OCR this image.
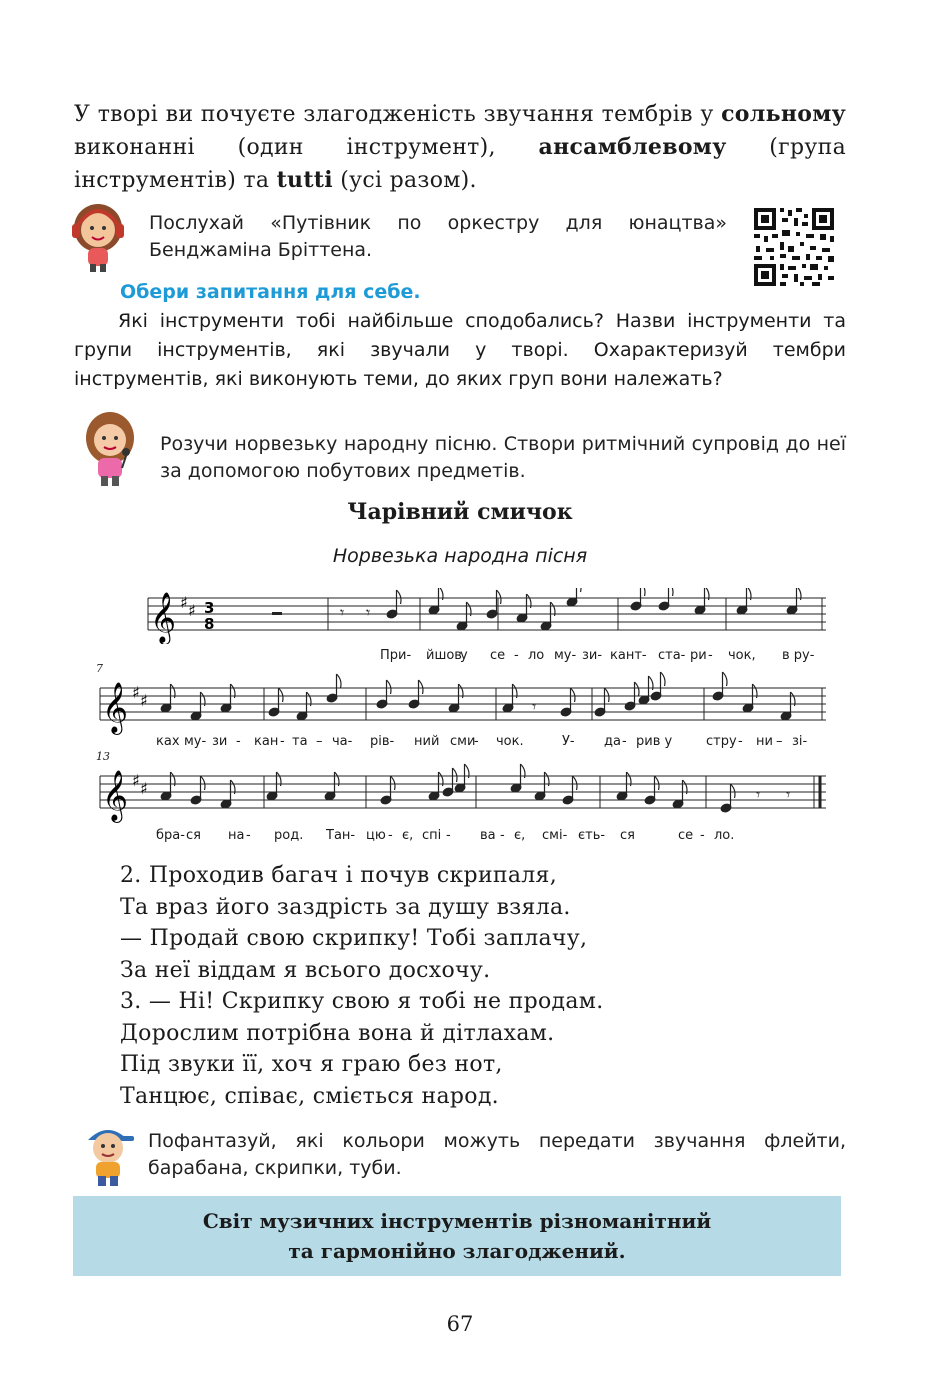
У творі ви почуєте злагодженість звучання тембрів у сольному виконанні (один інструмент), ансамблевому (група інструментів) та tutti (усі разом).
Послухай «Путівник по оркестру для юнацтва» Бенджаміна Бріттена.
Обери запитання для себе.
Які інструменти тобі найбільше сподобались? Назви інструменти та групи інструментів, які звучали у творі. Охарактеризуй тембри інструментів, які виконують теми, до яких груп вони належать?
Розучи норвезьку народну пісню. Створи ритмічний супровід до неї за допомогою побутових предметів.
Чарівний смичок
Норвезька народна пісня
𝄞 ♯ ♯ 3
8
𝄾 𝄾
При- йшов
у се - ло му- зи- кант- ста- ри - чок, в ру-
7
𝄞 ♯ ♯	𝄾
ках му- зи - кан - та – ча- рів- ний сми
- чок.	У- да - рив у	стру - ни – зі-
13
𝄞 ♯ ♯	𝄾 𝄾
бра- ся на - род. Тан- цю - є, спі - ва - є, смі- єть- ся	се - ло.
2. Проходив багач і почув скрипаля,
Та враз його заздрість за душу взяла.
— Продай свою скрипку! Тобі заплачу,
За неї віддам я всього досхочу.
3. — Ні! Скрипку свою я тобі не продам.
Дорослим потрібна вона й дітлахам.
Під звуки її, хоч я граю без нот,
Танцює, співає, сміється народ.
Пофантазуй, які кольори можуть передати звучання флейти, барабана, скрипки, туби.
Світ музичних інструментів різноманітний
та гармонійно злагоджений.
67
